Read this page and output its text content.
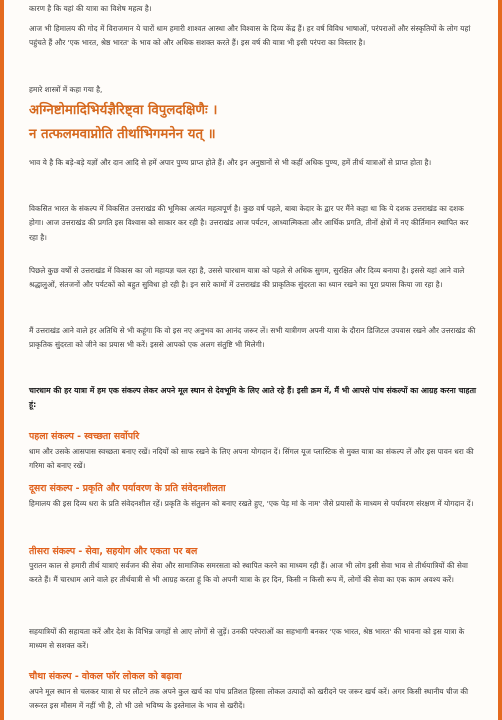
कारण है कि यहां की यात्रा का विशेष महत्व है।

आज भी हिमालय की गोद में विराजमान ये चारों धाम हमारी शाश्वत आस्था और विश्वास के दिव्य केंद्र हैं। हर वर्ष विविध भाषाओं, परंपराओं और संस्कृतियों के लोग यहां पहुंचते हैं और 'एक भारत, श्रेष्ठ भारत' के भाव को और अधिक सशक्त करते हैं। इस वर्ष की यात्रा भी इसी परंपरा का विस्तार है।

हमारे शास्त्रों में कहा गया है,

अग्निष्टोमादिभिर्यज्ञैरिष्ट्वा विपुलदक्षिणैः ।
न तत्फलमवाप्नोति तीर्थाभिगमनेन यत् ॥

भाव ये है कि बड़े-बड़े यज्ञों और दान आदि से हमें अपार पुण्य प्राप्त होते हैं। और इन अनुष्ठानों से भी कहीं अधिक पुण्य, हमें तीर्थ यात्राओं से प्राप्त होता है।

विकसित भारत के संकल्प में विकसित उत्तराखंड की भूमिका अत्यंत महत्वपूर्ण है। कुछ वर्ष पहले, बाबा केदार के द्वार पर मैंने कहा था कि ये दशक उत्तराखंड का दशक होगा। आज उत्तराखंड की प्रगति इस विश्वास को साकार कर रही है। उत्तराखंड आज पर्यटन, आध्यात्मिकता और आर्थिक प्रगति, तीनों क्षेत्रों में नए कीर्तिमान स्थापित कर रहा है।

पिछले कुछ वर्षों से उत्तराखंड में विकास का जो महायज्ञ चल रहा है, उससे चारधाम यात्रा को पहले से अधिक सुगम, सुरक्षित और दिव्य बनाया है। इससे यहां आने वाले श्रद्धालुओं, संतजनों और पर्यटकों को बहुत सुविधा हो रही है। इन सारे कामों में उत्तराखंड की प्राकृतिक सुंदरता का ध्यान रखने का पूरा प्रयास किया जा रहा है।

मैं उत्तराखंड आने वाले हर अतिथि से भी कहूंगा कि वो इस नए अनुभव का आनंद जरूर लें। सभी यात्रीगण अपनी यात्रा के दौरान डिजिटल उपवास रखने और उत्तराखंड की प्राकृतिक सुंदरता को जीने का प्रयास भी करें। इससे आपको एक अलग संतुष्टि भी मिलेगी।

चारधाम की हर यात्रा में हम एक संकल्प लेकर अपने मूल स्थान से देवभूमि के लिए आते रहे हैं। इसी क्रम में, मैं भी आपसे पांच संकल्पों का आग्रह करना चाहता हूं:

पहला संकल्प - स्वच्छता सर्वोपरि

धाम और उसके आसपास स्वच्छता बनाए रखें। नदियों को साफ रखने के लिए अपना योगदान दें। सिंगल यूज प्लास्टिक से मुक्त यात्रा का संकल्प लें और इस पावन धरा की गरिमा को बनाए रखें।

दूसरा संकल्प - प्रकृति और पर्यावरण के प्रति संवेदनशीलता

हिमालय की इस दिव्य धरा के प्रति संवेदनशील रहें। प्रकृति के संतुलन को बनाए रखते हुए, 'एक पेड़ मां के नाम' जैसे प्रयासों के माध्यम से पर्यावरण संरक्षण में योगदान दें।

तीसरा संकल्प - सेवा, सहयोग और एकता पर बल

पुरातन काल से हमारी तीर्थ यात्राएं सर्वजन की सेवा और सामाजिक समरसता को स्थापित करने का माध्यम रही हैं। आज भी लोग इसी सेवा भाव से तीर्थयात्रियों की सेवा करते हैं। मैं चारधाम आने वाले हर तीर्थयात्री से भी आग्रह करता हूं कि वो अपनी यात्रा के हर दिन, किसी न किसी रूप में, लोगों की सेवा का एक काम अवश्य करें।

सहयात्रियों की सहायता करें और देश के विभिन्न जगहों से आए लोगों से जुड़ें। उनकी परंपराओं का सहभागी बनकर 'एक भारत, श्रेष्ठ भारत' की भावना को इस यात्रा के माध्यम से सशक्त करें।

चौथा संकल्प - वोकल फॉर लोकल को बढ़ावा

अपने मूल स्थान से चलकर यात्रा से घर लौटने तक अपने कुल खर्च का पांच प्रतिशत हिस्सा लोकल उत्पादों को खरीदने पर जरूर खर्च करें। अगर किसी स्थानीय चीज की जरूरत इस मौसम में नहीं भी है, तो भी उसे भविष्य के इस्तेमाल के भाव से खरीदें।
